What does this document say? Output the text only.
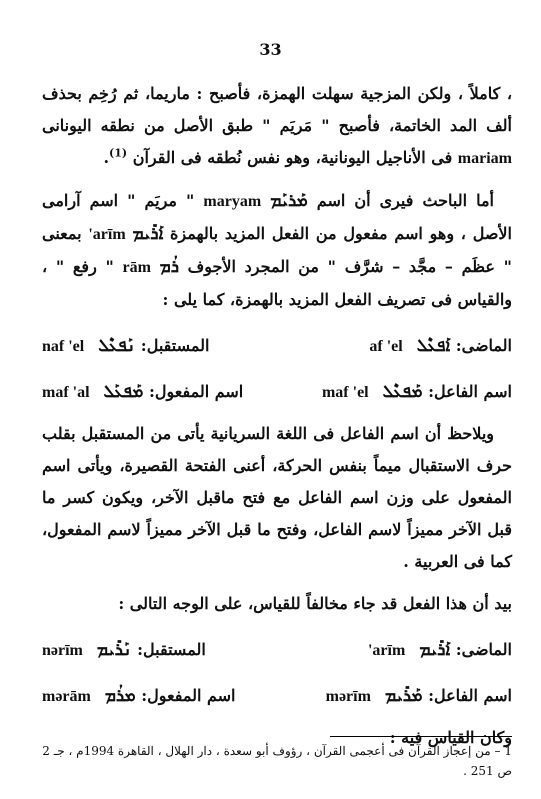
33

، كاملاً ، ولكن المزجية سهلت الهمزة، فأصبح : ماريما، ثم رُخِم بحذف ألف المد الخاتمة، فأصبح " مَريَم " طبق الأصل من نطقه اليونانى mariam فى الأناجيل اليونانية، وهو نفس نُطقه فى القرآن $^{(1)}$.

أما الباحث فيرى أن اسم ܡܰܪܝܰܡ maryam " مريَم " اسم آرامى الأصل ، وهو اسم مفعول من الفعل المزيد بالهمزة ܐܰܪܺܝܡ 'arīm بمعنى " عظَم – مجَّد – شرَّف " من المجرد الأجوف ܪܳܡ rām " رفع " ، والقياس فى تصريف الفعل المزيد بالهمزة، كما يلى :

الماضى: ܐܰܦܥܶܠaf 'el
المستقبل: ܢܰܦܥܶܠnaf 'el
اسم الفاعل: ܡܰܦܥܶܠmaf 'el
اسم المفعول: ܡܰܦܥܰܠmaf 'al

ويلاحظ أن اسم الفاعل فى اللغة السريانية يأتى من المستقبل بقلب حرف الاستقبال ميماً بنفس الحركة، أعنى الفتحة القصيرة، ويأتى اسم المفعول على وزن اسم الفاعل مع فتح ماقبل الآخر، ويكون كسر ما قبل الآخر مميزاً لاسم الفاعل، وفتح ما قبل الآخر مميزاً لاسم المفعول، كما فى العربية .

بيد أن هذا الفعل قد جاء مخالفاً للقياس، على الوجه التالى :

الماضى: ܐܰܪܺܝܡ'arīm
المستقبل: ܢܰܪܺܝܡnərīm
اسم الفاعل: ܡܰܪܺܝܡmərīm
اسم المفعول: ܡܪܳܡmərām

وكان القياس فيه :

1 – من إعجاز القرآن فى أعجمى القرآن ، رؤوف أبو سعدة ، دار الهلال ، القاهرة 1994م ، جـ 2 ص 251 .
